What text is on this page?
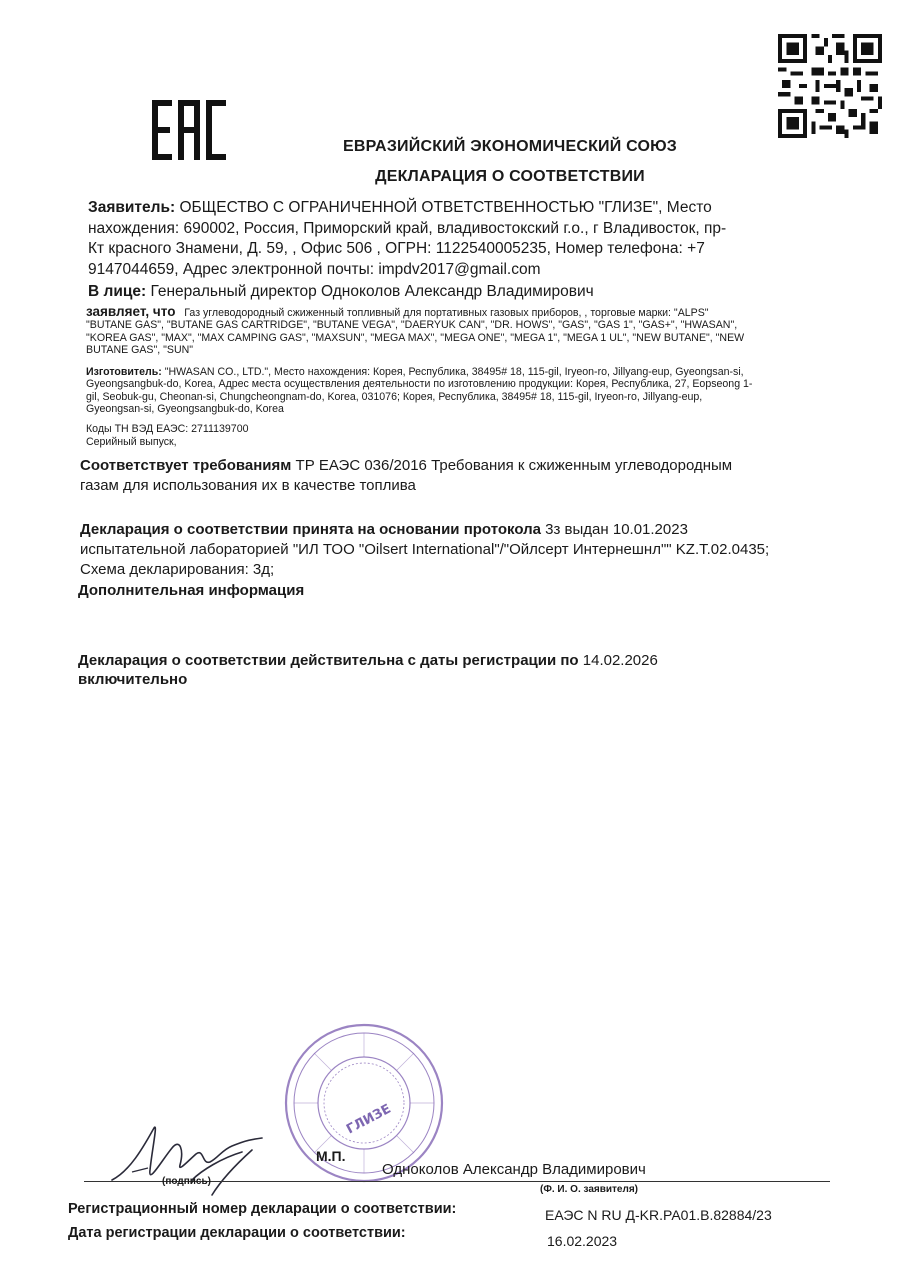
ЕВРАЗИЙСКИЙ ЭКОНОМИЧЕСКИЙ СОЮЗ
ДЕКЛАРАЦИЯ О СООТВЕТСТВИИ
Заявитель: ОБЩЕСТВО С ОГРАНИЧЕННОЙ ОТВЕТСТВЕННОСТЬЮ "ГЛИЗЕ", Место
нахождения: 690002, Россия, Приморский край, владивостокский г.о., г Владивосток, пр-
Кт красного Знамени, Д. 59, , Офис 506 , ОГРН: 1122540005235, Номер телефона: +7
9147044659, Адрес электронной почты: impdv2017@gmail.com
В лице: Генеральный директор Одноколов Александр Владимирович
заявляет, что Газ углеводородный сжиженный топливный для портативных газовых приборов, , торговые марки: "ALPS"
"BUTANE GAS", "BUTANE GAS CARTRIDGE", "BUTANE VEGA", "DAERYUK CAN", "DR. HOWS", "GAS", "GAS 1", "GAS+", "HWASAN",
"KOREA GAS", "MAX", "MAX CAMPING GAS", "MAXSUN", "MEGA MAX", "MEGA ONE", "MEGA 1", "MEGA 1 UL", "NEW BUTANE", "NEW
BUTANE GAS", "SUN"
Изготовитель: "HWASAN CO., LTD.", Место нахождения: Корея, Республика, 38495# 18, 115-gil, Iryeon-ro, Jillyang-eup, Gyeongsan-si,
Gyeongsangbuk-do, Korea, Адрес места осуществления деятельности по изготовлению продукции: Корея, Республика, 27, Eopseong 1-
gil, Seobuk-gu, Cheonan-si, Chungcheongnam-do, Korea, 031076; Корея, Республика, 38495# 18, 115-gil, Iryeon-ro, Jillyang-eup,
Gyeongsan-si, Gyeongsangbuk-do, Korea
Коды ТН ВЭД ЕАЭС: 2711139700
Серийный выпуск,
Соответствует требованиям ТР ЕАЭС 036/2016 Требования к сжиженным углеводородным
газам для использования их в качестве топлива
Декларация о соответствии принята на основании протокола 3з выдан 10.01.2023
испытательной лабораторией "ИЛ ТОО "Oilsert International"/"Ойлсерт Интернешнл"" KZ.T.02.0435;
Схема декларирования: 3д;
Дополнительная информация
Декларация о соответствии действительна с даты регистрации по 14.02.2026
включительно
ГЛИЗЕ
М.П.
Одноколов Александр Владимирович
(подпись)
(Ф. И. О. заявителя)
Регистрационный номер декларации о соответствии:	ЕАЭС N RU Д-KR.PA01.B.82884/23
Дата регистрации декларации о соответствии:	16.02.2023
